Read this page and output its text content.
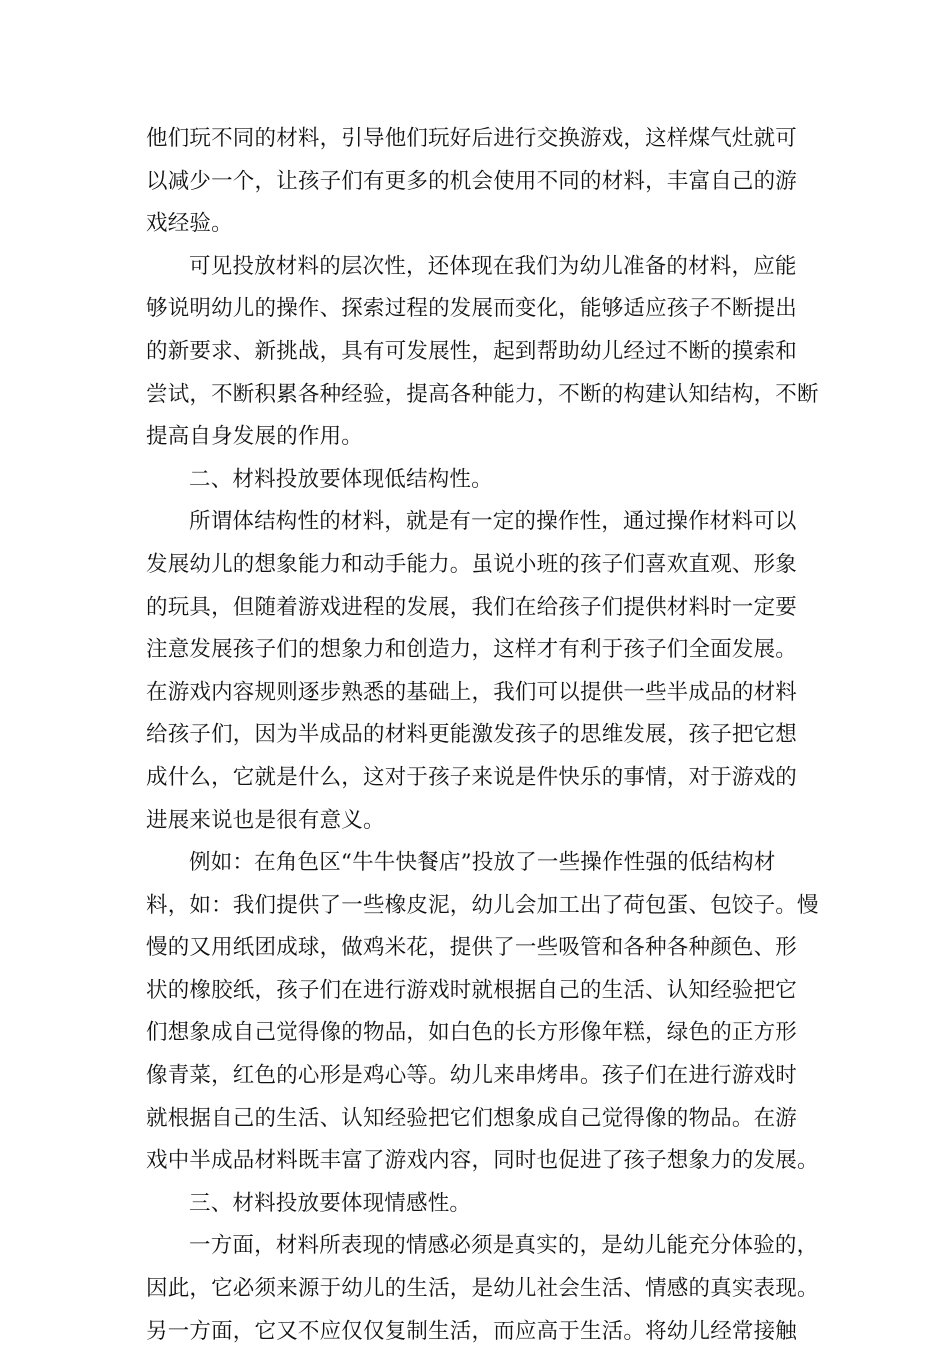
他们玩不同的材料，引导他们玩好后进行交换游戏，这样煤气灶就可
以减少一个，让孩子们有更多的机会使用不同的材料，丰富自己的游
戏经验。
可见投放材料的层次性，还体现在我们为幼儿准备的材料，应能
够说明幼儿的操作、探索过程的发展而变化，能够适应孩子不断提出
的新要求、新挑战，具有可发展性，起到帮助幼儿经过不断的摸索和
尝试，不断积累各种经验，提高各种能力，不断的构建认知结构，不断
提高自身发展的作用。
二、材料投放要体现低结构性。
所谓体结构性的材料，就是有一定的操作性，通过操作材料可以
发展幼儿的想象能力和动手能力。虽说小班的孩子们喜欢直观、形象
的玩具，但随着游戏进程的发展，我们在给孩子们提供材料时一定要
注意发展孩子们的想象力和创造力，这样才有利于孩子们全面发展。
在游戏内容规则逐步熟悉的基础上，我们可以提供一些半成品的材料
给孩子们，因为半成品的材料更能激发孩子的思维发展，孩子把它想
成什么，它就是什么，这对于孩子来说是件快乐的事情，对于游戏的
进展来说也是很有意义。
例如：在角色区“牛牛快餐店”投放了一些操作性强的低结构材
料，如：我们提供了一些橡皮泥，幼儿会加工出了荷包蛋、包饺子。慢
慢的又用纸团成球，做鸡米花，提供了一些吸管和各种各种颜色、形
状的橡胶纸，孩子们在进行游戏时就根据自己的生活、认知经验把它
们想象成自己觉得像的物品，如白色的长方形像年糕，绿色的正方形
像青菜，红色的心形是鸡心等。幼儿来串烤串。孩子们在进行游戏时
就根据自己的生活、认知经验把它们想象成自己觉得像的物品。在游
戏中半成品材料既丰富了游戏内容，同时也促进了孩子想象力的发展。
三、材料投放要体现情感性。
一方面，材料所表现的情感必须是真实的，是幼儿能充分体验的，
因此，它必须来源于幼儿的生活，是幼儿社会生活、情感的真实表现。
另一方面，它又不应仅仅复制生活，而应高于生活。将幼儿经常接触
